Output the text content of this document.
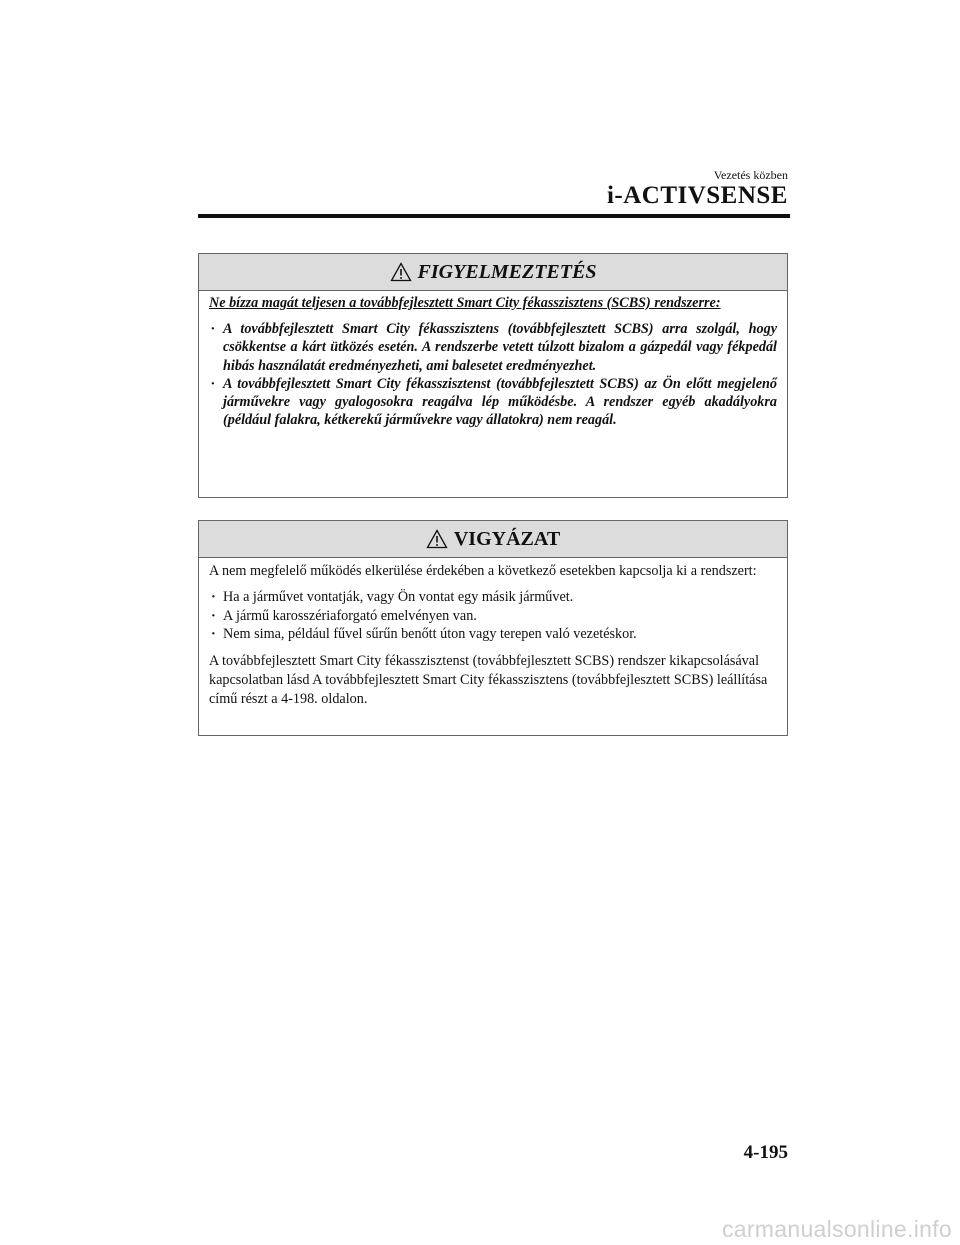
Vezetés közben
i-ACTIVSENSE
FIGYELMEZTETÉS
Ne bízza magát teljesen a továbbfejlesztett Smart City fékasszisztens (SCBS) rendszerre:
· A továbbfejlesztett Smart City fékasszisztens (továbbfejlesztett SCBS) arra szolgál, hogy csökkentse a kárt ütközés esetén. A rendszerbe vetett túlzott bizalom a gázpedál vagy fékpedál hibás használatát eredményezheti, ami balesetet eredményezhet.
· A továbbfejlesztett Smart City fékasszisztenst (továbbfejlesztett SCBS) az Ön előtt megjelenő járművekre vagy gyalogosokra reagálva lép működésbe. A rendszer egyéb akadályokra (például falakra, kétkerekű járművekre vagy állatokra) nem reagál.
VIGYÁZAT

A nem megfelelő működés elkerülése érdekében a következő esetekben kapcsolja ki a rendszert:

· Ha a járművet vontatják, vagy Ön vontat egy másik járművet.
· A jármű karosszériaforgató emelvényen van.
· Nem sima, például fűvel sűrűn benőtt úton vagy terepen való vezetéskor.

A továbbfejlesztett Smart City fékasszisztenst (továbbfejlesztett SCBS) rendszer kikapcsolásával kapcsolatban lásd A továbbfejlesztett Smart City fékasszisztens (továbbfejlesztett SCBS) leállítása című részt a 4-198. oldalon.

4-195
carmanualsonline.info
